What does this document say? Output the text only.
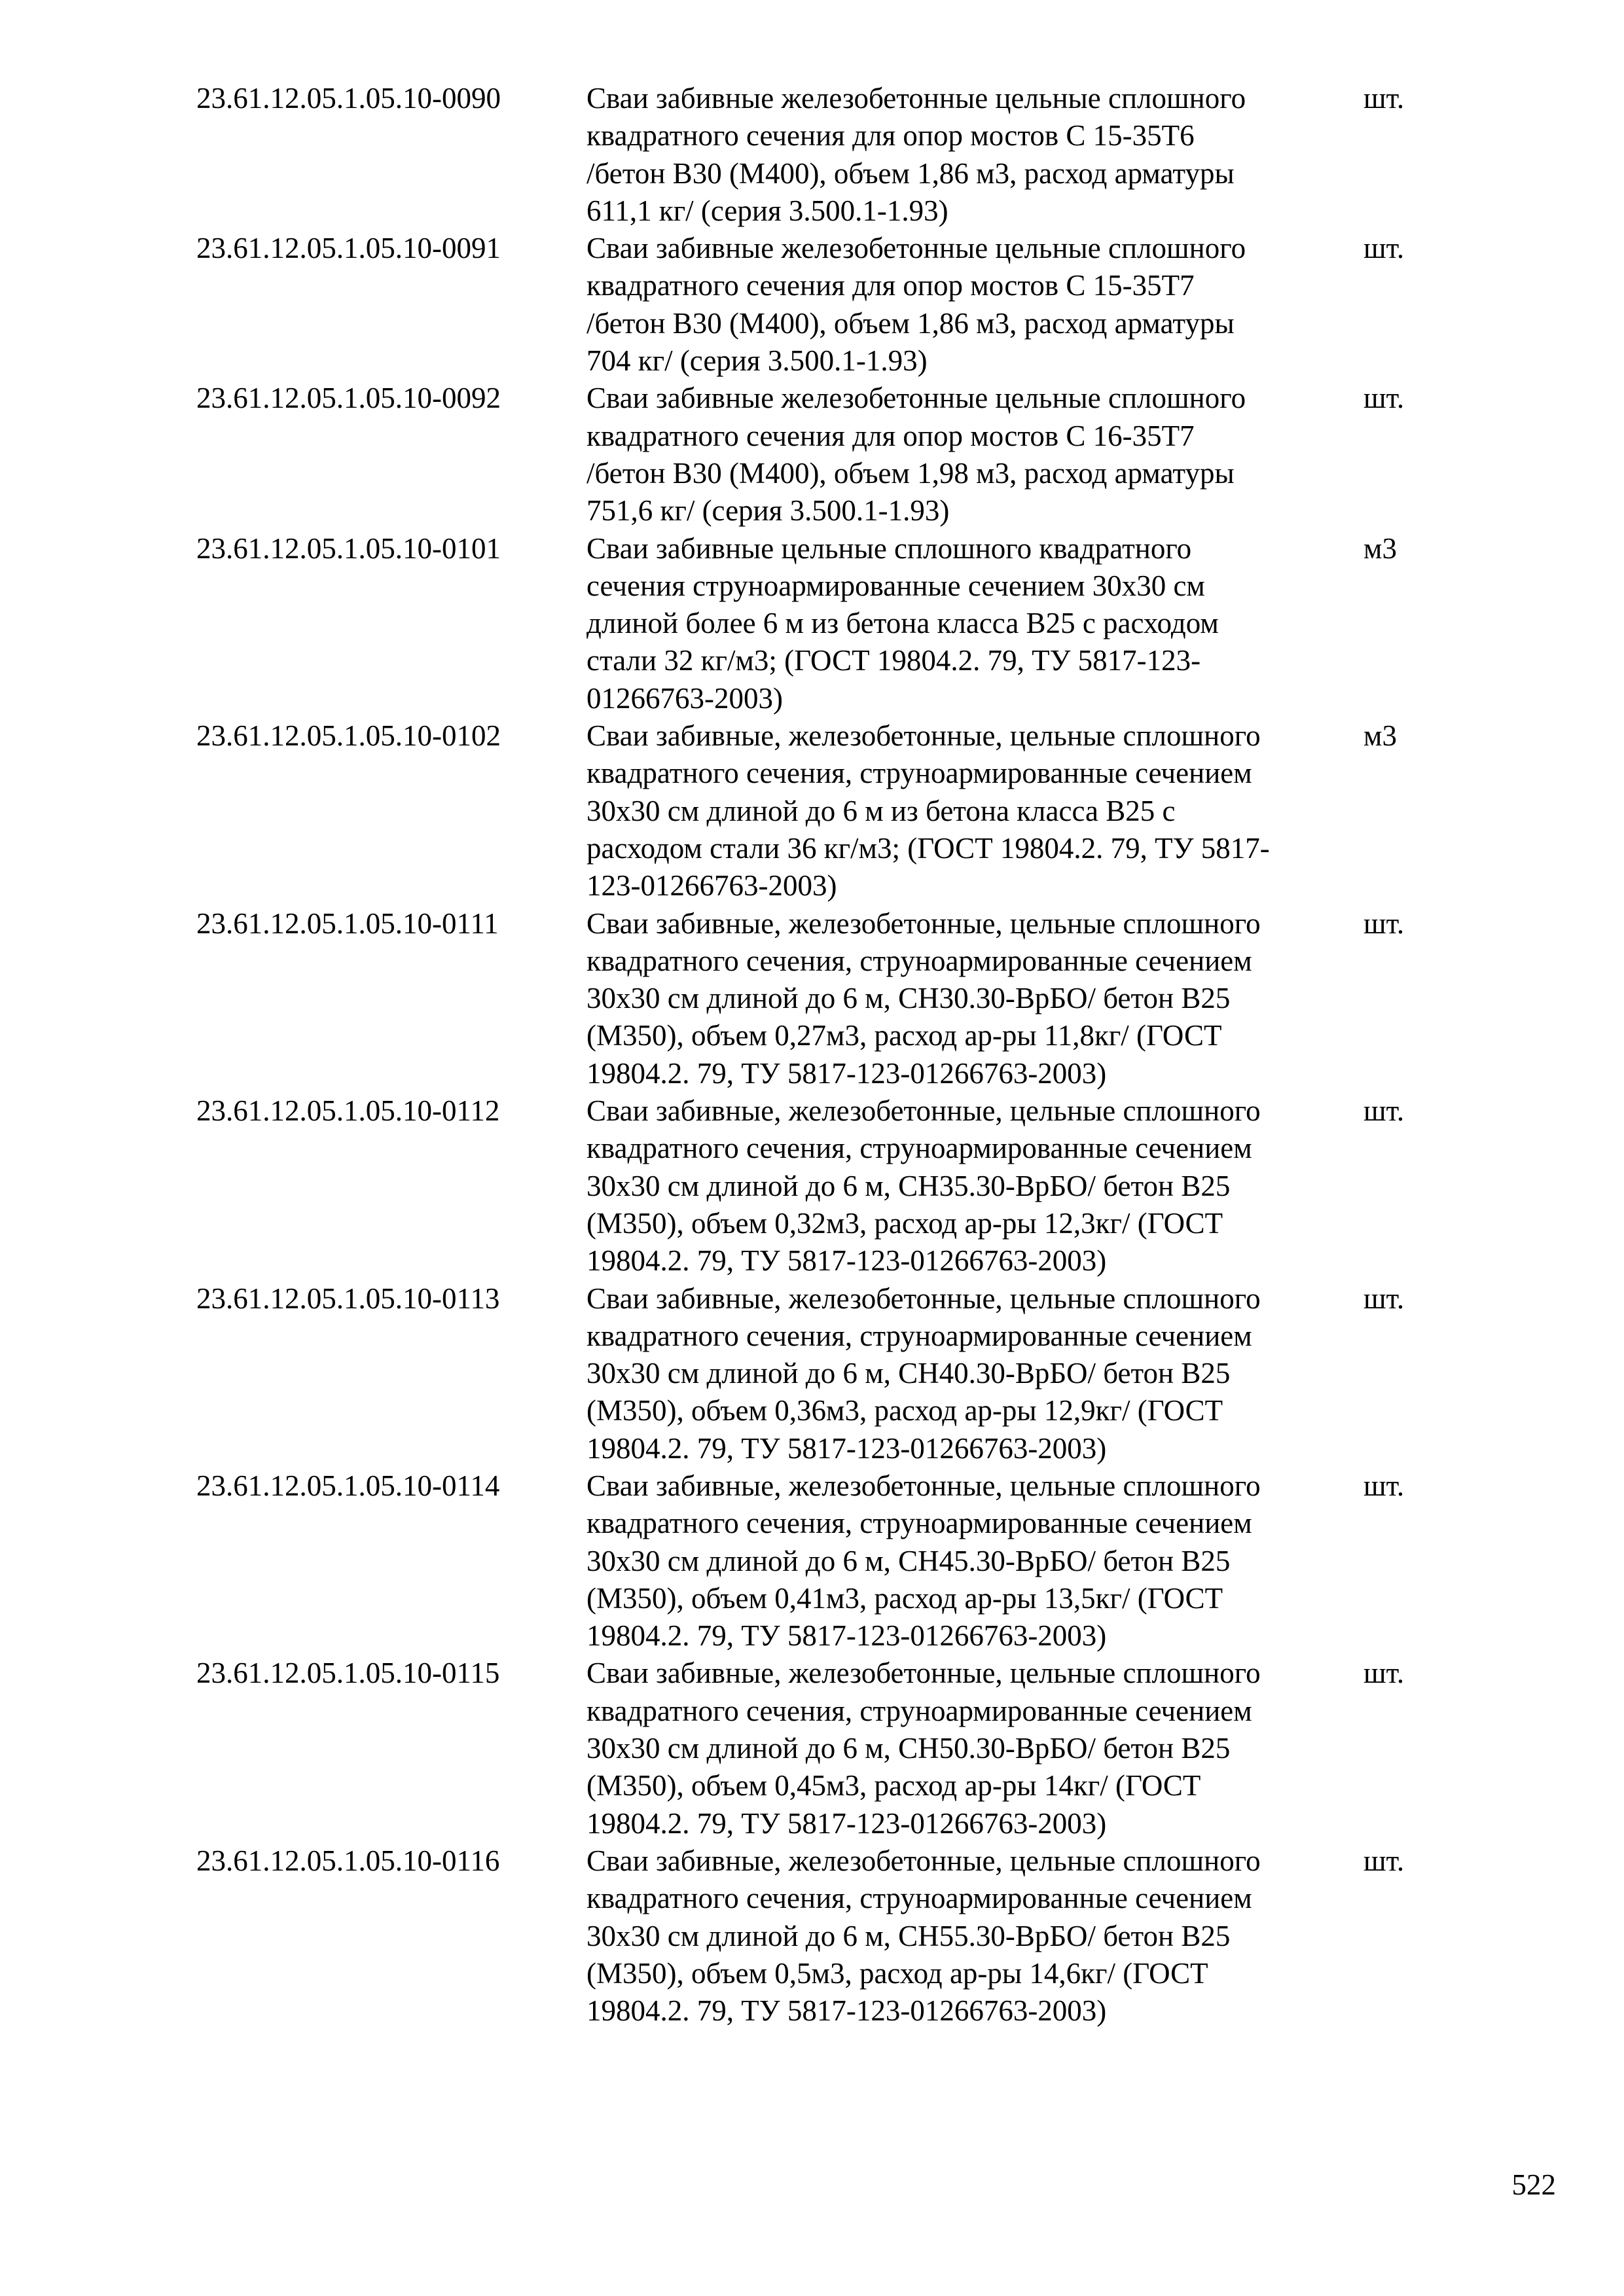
23.61.12.05.1.05.10-0090	Сваи забивные железобетонные цельные сплошного
квадратного сечения для опор мостов С 15-35Т6
/бетон В30 (М400), объем 1,86 м3, расход арматуры
611,1 кг/ (серия 3.500.1-1.93)
шт.
23.61.12.05.1.05.10-0091	Сваи забивные железобетонные цельные сплошного
квадратного сечения для опор мостов С 15-35Т7
/бетон В30 (М400), объем 1,86 м3, расход арматуры
704 кг/ (серия 3.500.1-1.93)
шт.
23.61.12.05.1.05.10-0092	Сваи забивные железобетонные цельные сплошного
квадратного сечения для опор мостов С 16-35Т7
/бетон В30 (М400), объем 1,98 м3, расход арматуры
751,6 кг/ (серия 3.500.1-1.93)
шт.
23.61.12.05.1.05.10-0101	Сваи забивные цельные сплошного квадратного
сечения струноармированные сечением 30х30 см
длиной более 6 м из бетона класса В25 с расходом
стали 32 кг/м3; (ГОСТ 19804.2. 79, ТУ 5817-123-
01266763-2003)
м3
23.61.12.05.1.05.10-0102	Сваи забивные, железобетонные, цельные сплошного
квадратного сечения, струноармированные сечением
30х30 см длиной до 6 м из бетона класса В25 с
расходом стали 36 кг/м3; (ГОСТ 19804.2. 79, ТУ 5817-
123-01266763-2003)
м3
23.61.12.05.1.05.10-0111	Сваи забивные, железобетонные, цельные сплошного
квадратного сечения, струноармированные сечением
30х30 см длиной до 6 м, СН30.30-ВрБО/ бетон В25
(М350), объем 0,27м3, расход ар-ры 11,8кг/ (ГОСТ
19804.2. 79, ТУ 5817-123-01266763-2003)
шт.
23.61.12.05.1.05.10-0112	Сваи забивные, железобетонные, цельные сплошного
квадратного сечения, струноармированные сечением
30х30 см длиной до 6 м, СН35.30-ВрБО/ бетон В25
(М350), объем 0,32м3, расход ар-ры 12,3кг/ (ГОСТ
19804.2. 79, ТУ 5817-123-01266763-2003)
шт.
23.61.12.05.1.05.10-0113	Сваи забивные, железобетонные, цельные сплошного
квадратного сечения, струноармированные сечением
30х30 см длиной до 6 м, СН40.30-ВрБО/ бетон В25
(М350), объем 0,36м3, расход ар-ры 12,9кг/ (ГОСТ
19804.2. 79, ТУ 5817-123-01266763-2003)
шт.
23.61.12.05.1.05.10-0114	Сваи забивные, железобетонные, цельные сплошного
квадратного сечения, струноармированные сечением
30х30 см длиной до 6 м, СН45.30-ВрБО/ бетон В25
(М350), объем 0,41м3, расход ар-ры 13,5кг/ (ГОСТ
19804.2. 79, ТУ 5817-123-01266763-2003)
шт.
23.61.12.05.1.05.10-0115	Сваи забивные, железобетонные, цельные сплошного
квадратного сечения, струноармированные сечением
30х30 см длиной до 6 м, СН50.30-ВрБО/ бетон В25
(М350), объем 0,45м3, расход ар-ры 14кг/ (ГОСТ
19804.2. 79, ТУ 5817-123-01266763-2003)
шт.
23.61.12.05.1.05.10-0116	Сваи забивные, железобетонные, цельные сплошного
квадратного сечения, струноармированные сечением
30х30 см длиной до 6 м, СН55.30-ВрБО/ бетон В25
(М350), объем 0,5м3, расход ар-ры 14,6кг/ (ГОСТ
19804.2. 79, ТУ 5817-123-01266763-2003)
шт.
522
